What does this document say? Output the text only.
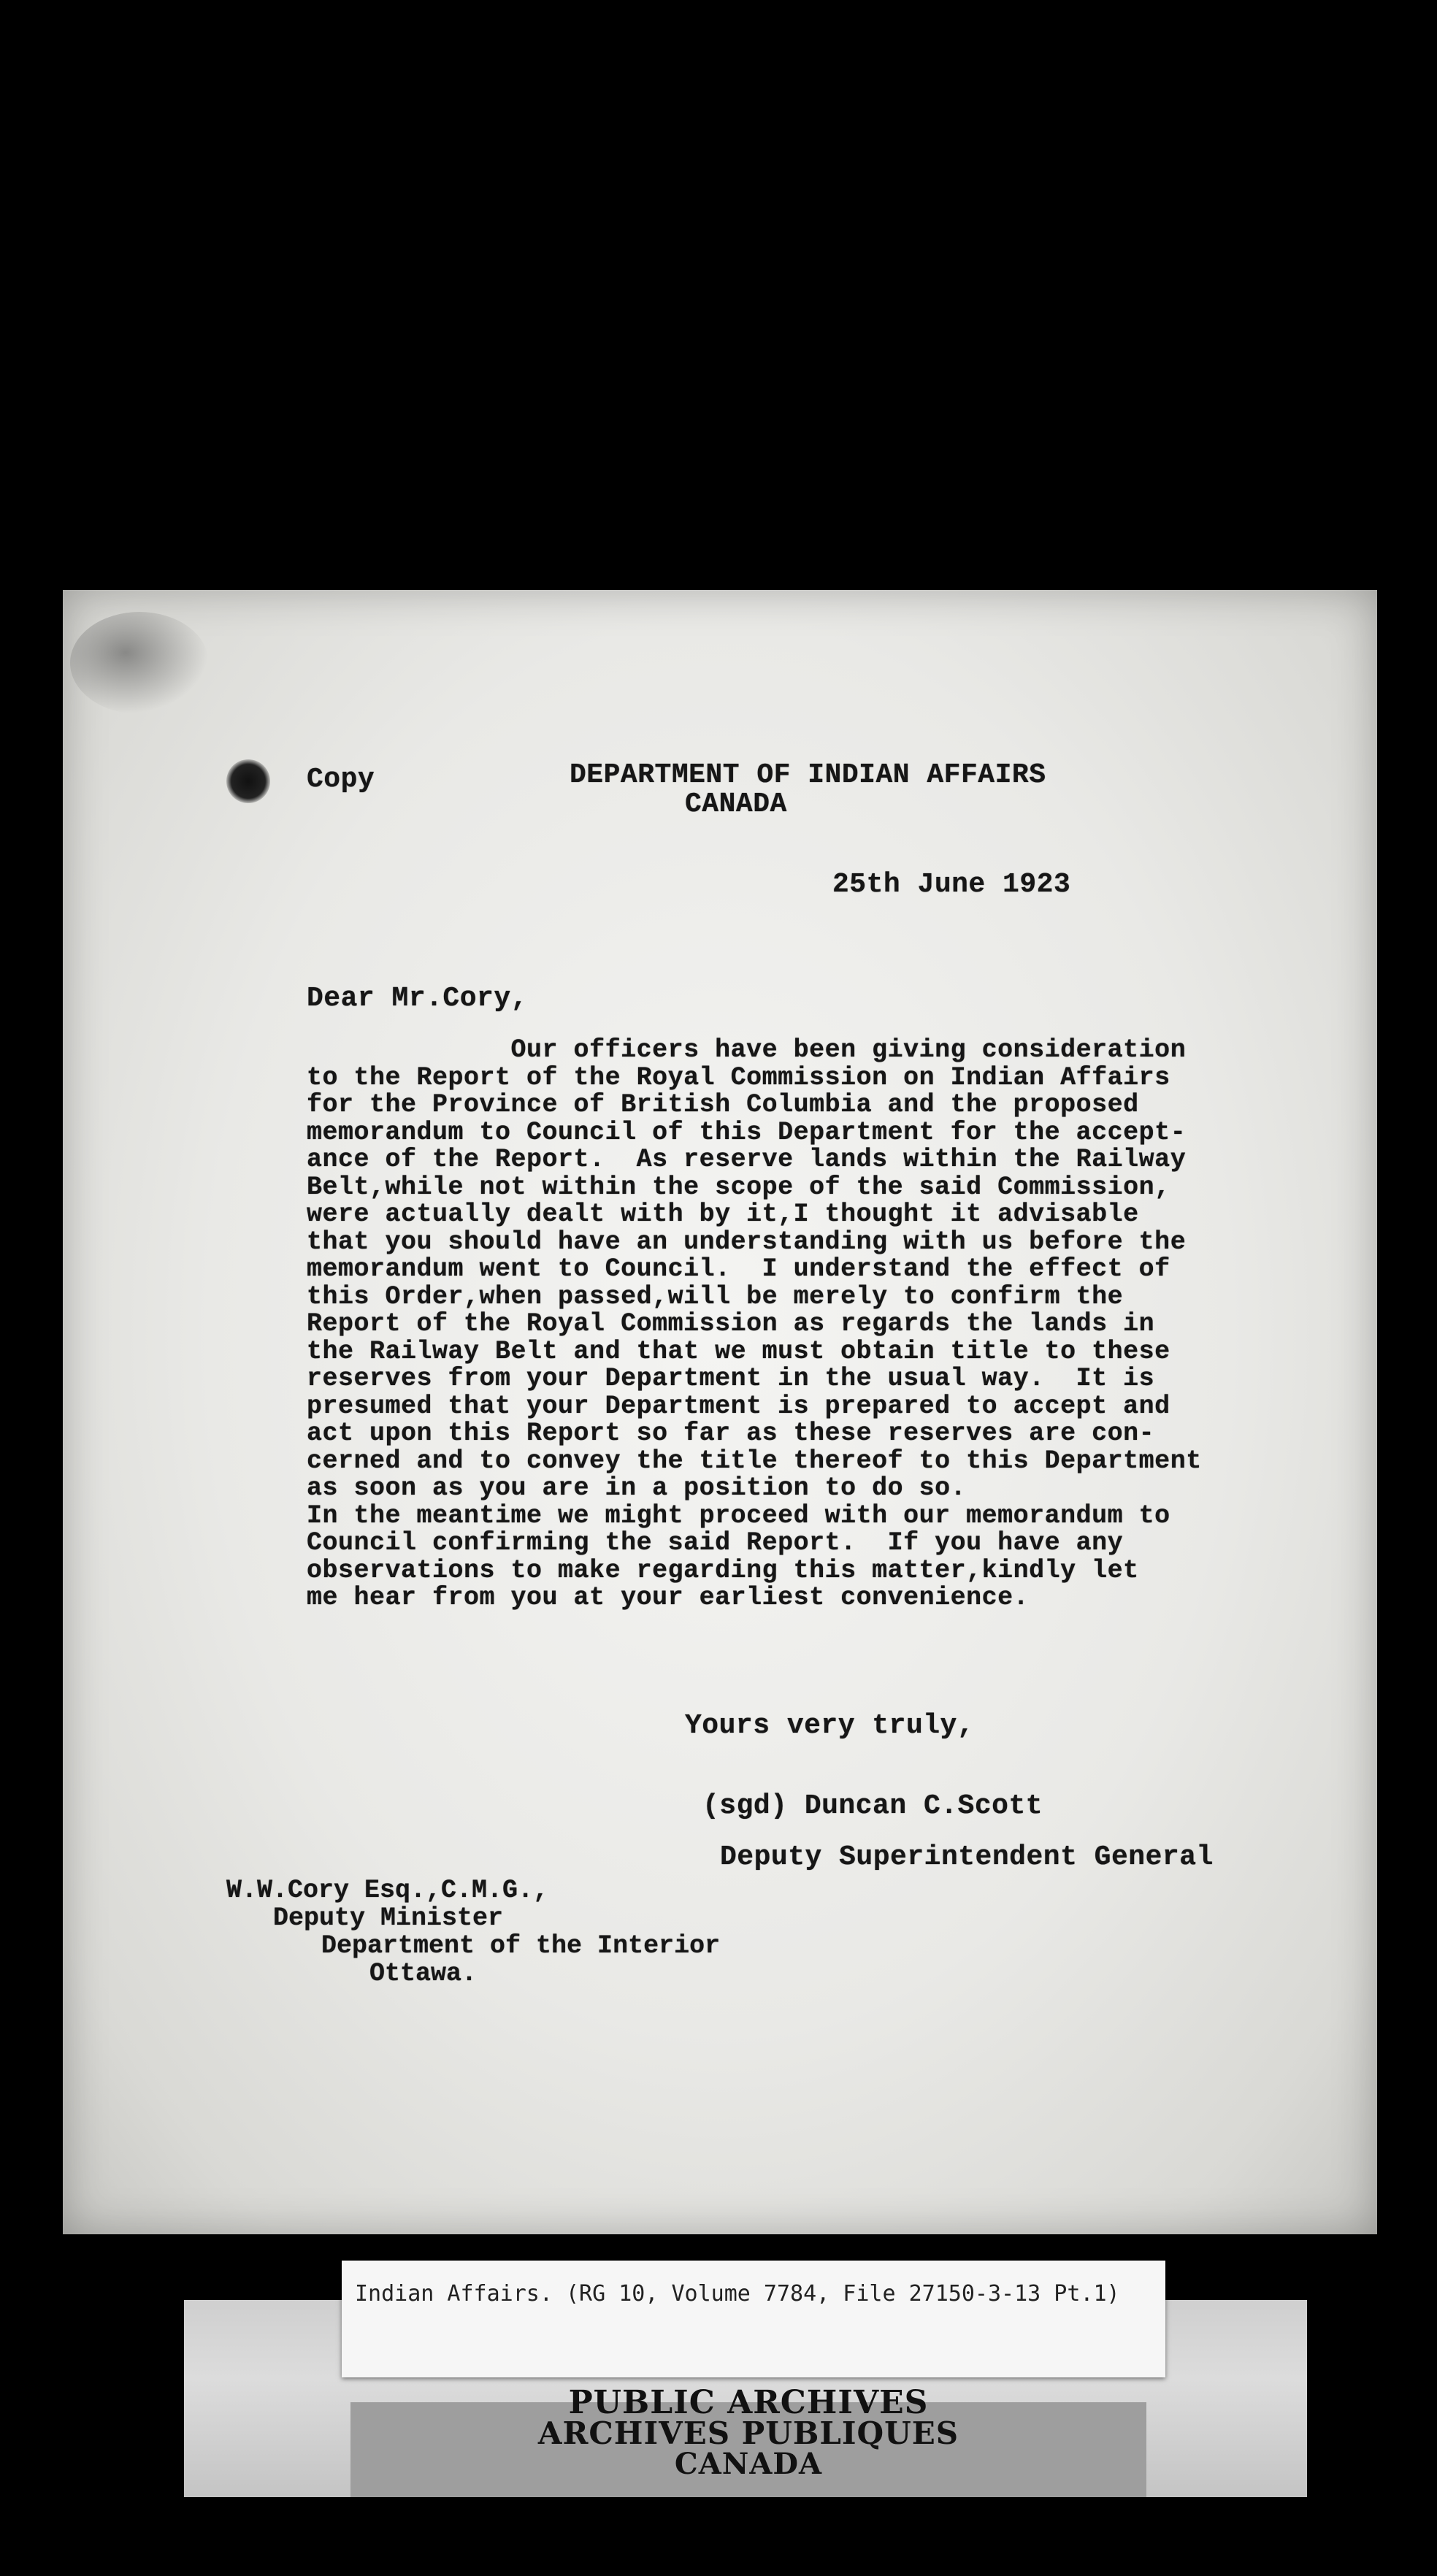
Copy	DEPARTMENT OF INDIAN AFFAIRS
CANADA
25th June 1923
Dear Mr.Cory,
Our officers have been giving consideration
to the Report of the Royal Commission on Indian Affairs
for the Province of British Columbia and the proposed
memorandum to Council of this Department for the accept-
ance of the Report.  As reserve lands within the Railway
Belt,while not within the scope of the said Commission,
were actually dealt with by it,I thought it advisable
that you should have an understanding with us before the
memorandum went to Council.  I understand the effect of
this Order,when passed,will be merely to confirm the
Report of the Royal Commission as regards the lands in
the Railway Belt and that we must obtain title to these
reserves from your Department in the usual way.  It is
presumed that your Department is prepared to accept and
act upon this Report so far as these reserves are con-
cerned and to convey the title thereof to this Department
as soon as you are in a position to do so.
In the meantime we might proceed with our memorandum to
Council confirming the said Report.  If you have any
observations to make regarding this matter,kindly let
me hear from you at your earliest convenience.
Yours very truly,
(sgd) Duncan C.Scott
Deputy Superintendent General
W.W.Cory Esq.,C.M.G.,
Deputy Minister
Department of the Interior
Ottawa.
Indian Affairs. (RG 10, Volume 7784, File 27150-3-13 Pt.1)
PUBLIC ARCHIVES
ARCHIVES PUBLIQUES
CANADA
